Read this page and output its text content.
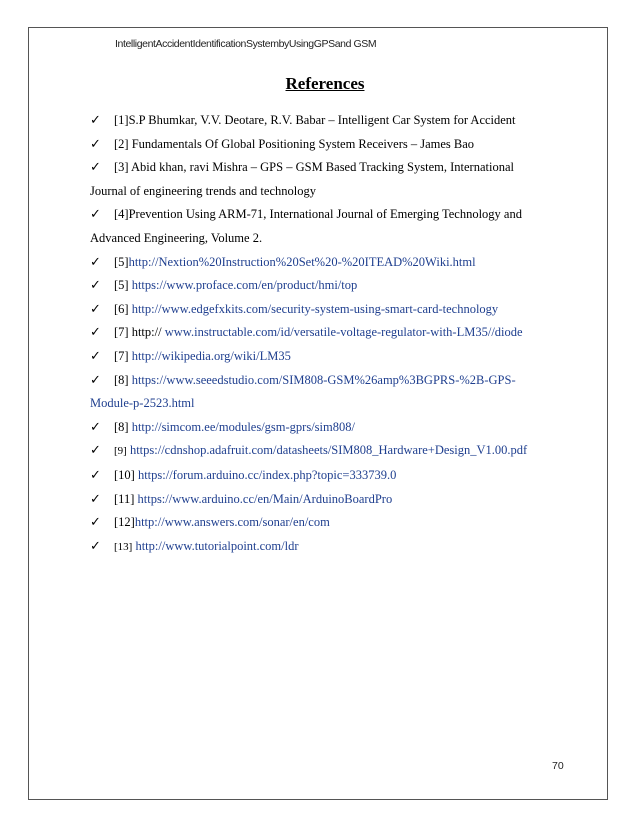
IntelligentAccidentIdentificationSystembyUsingGPSand GSM
References
✓ [1]S.P Bhumkar, V.V. Deotare, R.V. Babar – Intelligent Car System for Accident
✓ [2] Fundamentals Of Global Positioning System Receivers – James Bao
✓ [3] Abid khan, ravi Mishra – GPS – GSM Based Tracking System, International
Journal of engineering trends and technology
✓ [4]Prevention Using ARM-71, International Journal of Emerging Technology and
Advanced Engineering, Volume 2.
✓ [5]http://Nextion%20Instruction%20Set%20-%20ITEAD%20Wiki.html
✓ [5] https://www.proface.com/en/product/hmi/top
✓ [6] http://www.edgefxkits.com/security-system-using-smart-card-technology
✓ [7] http:// www.instructable.com/id/versatile-voltage-regulator-with-LM35//diode
✓ [7] http://wikipedia.org/wiki/LM35
✓ [8] https://www.seeedstudio.com/SIM808-GSM%26amp%3BGPRS-%2B-GPS-
Module-p-2523.html
✓ [8] http://simcom.ee/modules/gsm-gprs/sim808/
✓ [9] https://cdnshop.adafruit.com/datasheets/SIM808_Hardware+Design_V1.00.pdf
✓ [10] https://forum.arduino.cc/index.php?topic=333739.0
✓ [11] https://www.arduino.cc/en/Main/ArduinoBoardPro
✓ [12]http://www.answers.com/sonar/en/com
✓ [13] http://www.tutorialpoint.com/ldr
70
